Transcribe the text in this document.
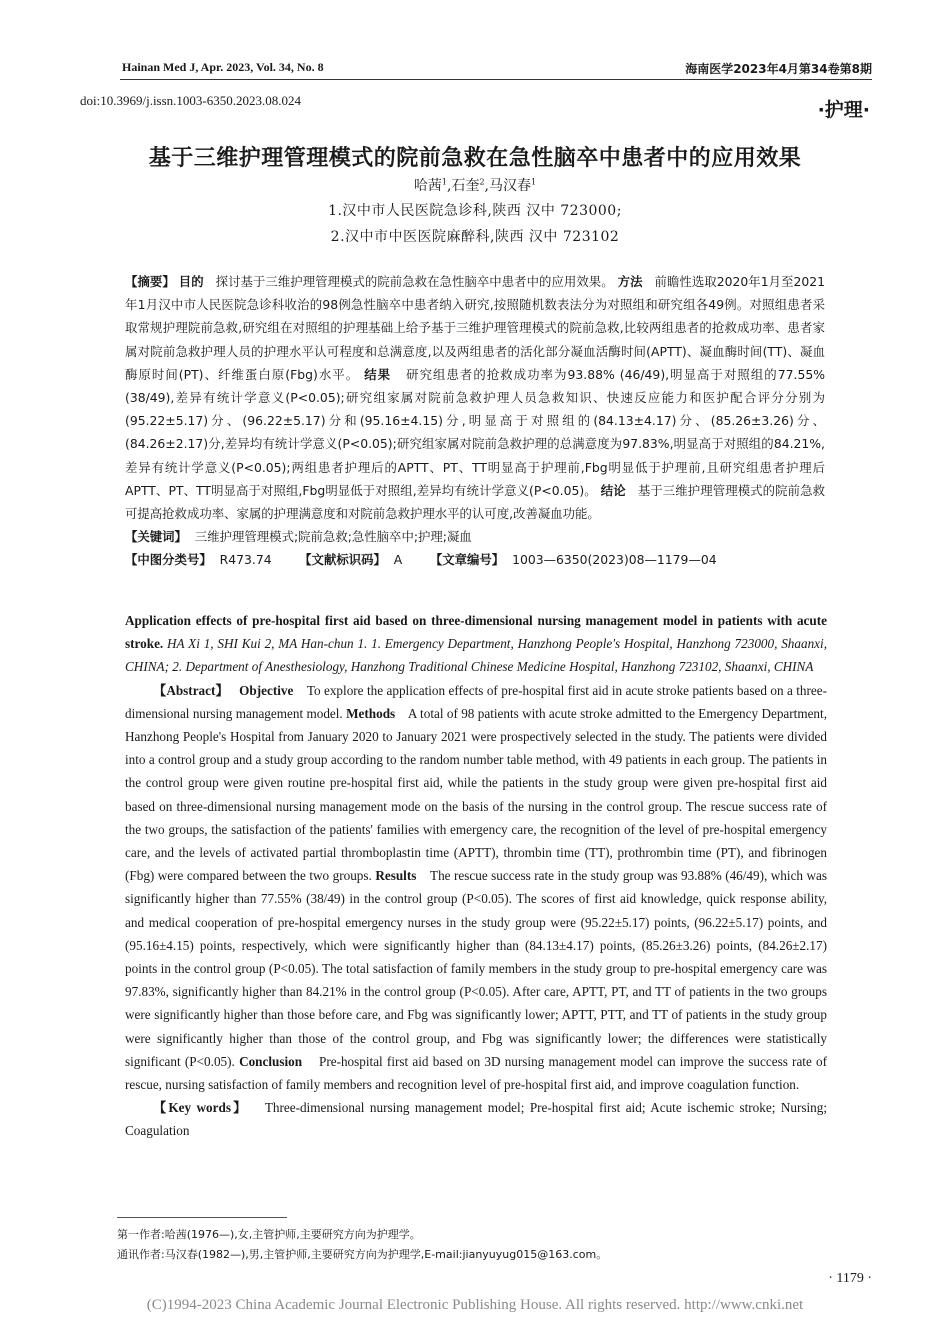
Hainan Med J, Apr. 2023, Vol. 34, No. 8	海南医学2023年4月第34卷第8期
doi:10.3969/j.issn.1003-6350.2023.08.024	·护理·
基于三维护理管理模式的院前急救在急性脑卒中患者中的应用效果
哈茜$^1$,石奎$^2$,马汉春$^1$
1.汉中市人民医院急诊科,陕西 汉中 723000;
2.汉中市中医医院麻醉科,陕西 汉中 723102

【摘要】 目的 探讨基于三维护理管理模式的院前急救在急性脑卒中患者中的应用效果。 方法 前瞻性选取2020年1月至2021年1月汉中市人民医院急诊科收治的98例急性脑卒中患者纳入研究,按照随机数表法分为对照组和研究组各49例。对照组患者采取常规护理院前急救,研究组在对照组的护理基础上给予基于三维护理管理模式的院前急救,比较两组患者的抢救成功率、患者家属对院前急救护理人员的护理水平认可程度和总满意度,以及两组患者的活化部分凝血活酶时间(APTT)、凝血酶时间(TT)、凝血酶原时间(PT)、纤维蛋白原(Fbg)水平。 结果 研究组患者的抢救成功率为93.88% (46/49),明显高于对照组的77.55% (38/49),差异有统计学意义(P<0.05);研究组家属对院前急救护理人员急救知识、快速反应能力和医护配合评分分别为(95.22±5.17)分、(96.22±5.17)分和(95.16±4.15)分,明显高于对照组的(84.13±4.17)分、(85.26±3.26)分、(84.26±2.17)分,差异均有统计学意义(P<0.05);研究组家属对院前急救护理的总满意度为97.83%,明显高于对照组的84.21%,差异有统计学意义(P<0.05);两组患者护理后的APTT、PT、TT明显高于护理前,Fbg明显低于护理前,且研究组患者护理后APTT、PT、TT明显高于对照组,Fbg明显低于对照组,差异均有统计学意义(P<0.05)。 结论 基于三维护理管理模式的院前急救可提高抢救成功率、家属的护理满意度和对院前急救护理水平的认可度,改善凝血功能。

【关键词】 三维护理管理模式;院前急救;急性脑卒中;护理;凝血

【中图分类号】 R473.74 【文献标识码】 A 【文章编号】 1003—6350(2023)08—1179—04

Application effects of pre-hospital first aid based on three-dimensional nursing management model in patients with acute stroke. HA Xi 1, SHI Kui 2, MA Han-chun 1. 1. Emergency Department, Hanzhong People's Hospital, Hanzhong 723000, Shaanxi, CHINA; 2. Department of Anesthesiology, Hanzhong Traditional Chinese Medicine Hospital, Hanzhong 723102, Shaanxi, CHINA

【Abstract】 Objective To explore the application effects of pre-hospital first aid in acute stroke patients based on a three-dimensional nursing management model. Methods A total of 98 patients with acute stroke admitted to the Emergency Department, Hanzhong People's Hospital from January 2020 to January 2021 were prospectively selected in the study. The patients were divided into a control group and a study group according to the random number table method, with 49 patients in each group. The patients in the control group were given routine pre-hospital first aid, while the patients in the study group were given pre-hospital first aid based on three-dimensional nursing management mode on the basis of the nursing in the control group. The rescue success rate of the two groups, the satisfaction of the patients' families with emergency care, the recognition of the level of pre-hospital emergency care, and the levels of activated partial thromboplastin time (APTT), thrombin time (TT), prothrombin time (PT), and fibrinogen (Fbg) were compared between the two groups. Results The rescue success rate in the study group was 93.88% (46/49), which was significantly higher than 77.55% (38/49) in the control group (P<0.05). The scores of first aid knowledge, quick response ability, and medical cooperation of pre-hospital emergency nurses in the study group were (95.22±5.17) points, (96.22±5.17) points, and (95.16±4.15) points, respectively, which were significantly higher than (84.13±4.17) points, (85.26±3.26) points, (84.26±2.17) points in the control group (P<0.05). The total satisfaction of family members in the study group to pre-hospital emergency care was 97.83%, significantly higher than 84.21% in the control group (P<0.05). After care, APTT, PT, and TT of patients in the two groups were significantly higher than those before care, and Fbg was significantly lower; APTT, PTT, and TT of patients in the study group were significantly higher than those of the control group, and Fbg was significantly lower; the differences were statistically significant (P<0.05). Conclusion Pre-hospital first aid based on 3D nursing management model can improve the success rate of rescue, nursing satisfaction of family members and recognition level of pre-hospital first aid, and improve coagulation function.

【Key words】 Three-dimensional nursing management model; Pre-hospital first aid; Acute ischemic stroke; Nursing; Coagulation

第一作者:哈茜(1976—),女,主管护师,主要研究方向为护理学。
通讯作者:马汉春(1982—),男,主管护师,主要研究方向为护理学,E-mail:jianyuyug015@163.com。
· 1179 ·
(C)1994-2023 China Academic Journal Electronic Publishing House. All rights reserved. http://www.cnki.net
